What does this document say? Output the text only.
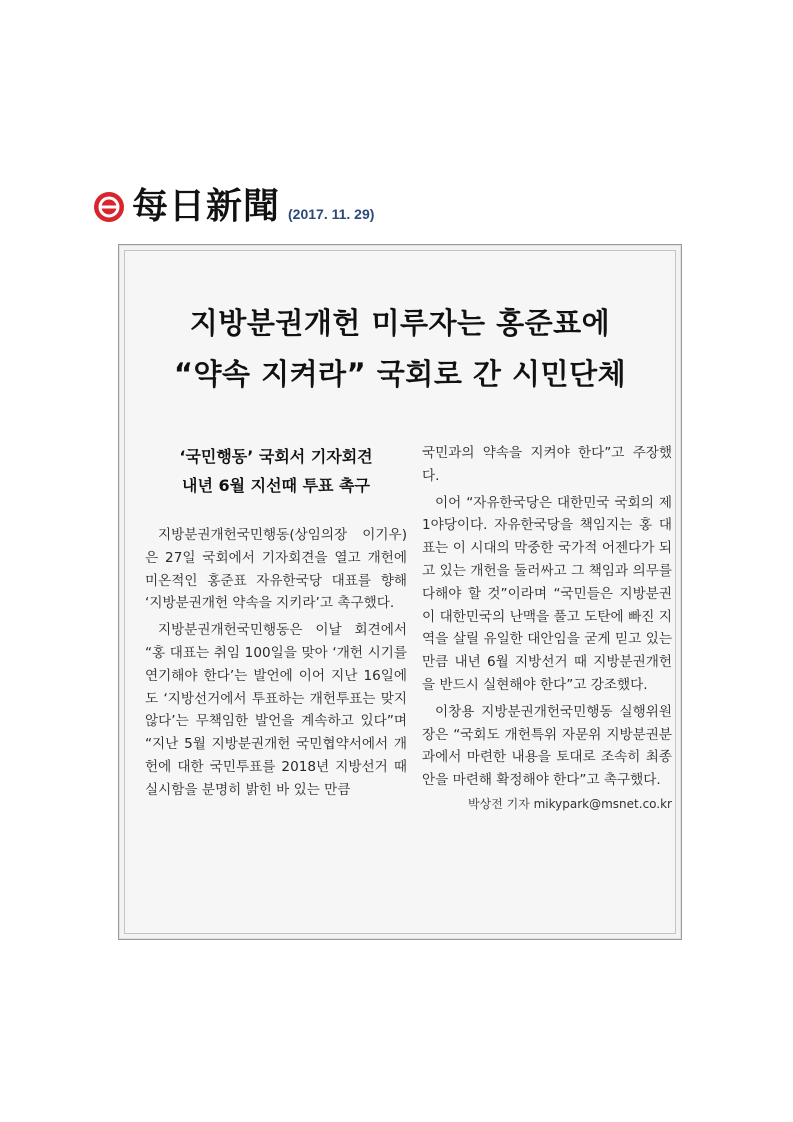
每日新聞 (2017. 11. 29)
지방분권개헌 미루자는 홍준표에
“약속 지켜라” 국회로 간 시민단체
‘국민행동’ 국회서 기자회견
내년 6월 지선때 투표 촉구

지방분권개헌국민행동(상임의장 이기우)은 27일 국회에서 기자회견을 열고 개헌에 미온적인 홍준표 자유한국당 대표를 향해 ‘지방분권개헌 약속을 지키라’고 촉구했다.

지방분권개헌국민행동은 이날 회견에서 “홍 대표는 취임 100일을 맞아 ‘개헌 시기를 연기해야 한다’는 발언에 이어 지난 16일에도 ‘지방선거에서 투표하는 개헌투표는 맞지 않다’는 무책임한 발언을 계속하고 있다”며 “지난 5월 지방분권개헌 국민협약서에서 개헌에 대한 국민투표를 2018년 지방선거 때 실시함을 분명히 밝힌 바 있는 만큼

국민과의 약속을 지켜야 한다”고 주장했다.

이어 “자유한국당은 대한민국 국회의 제1야당이다. 자유한국당을 책임지는 홍 대표는 이 시대의 막중한 국가적 어젠다가 되고 있는 개헌을 둘러싸고 그 책임과 의무를 다해야 할 것”이라며 “국민들은 지방분권이 대한민국의 난맥을 풀고 도탄에 빠진 지역을 살릴 유일한 대안임을 굳게 믿고 있는 만큼 내년 6월 지방선거 때 지방분권개헌을 반드시 실현해야 한다”고 강조했다.

이창용 지방분권개헌국민행동 실행위원장은 “국회도 개헌특위 자문위 지방분권분과에서 마련한 내용을 토대로 조속히 최종안을 마련해 확정해야 한다”고 촉구했다.

박상전 기자 mikypark@msnet.co.kr
